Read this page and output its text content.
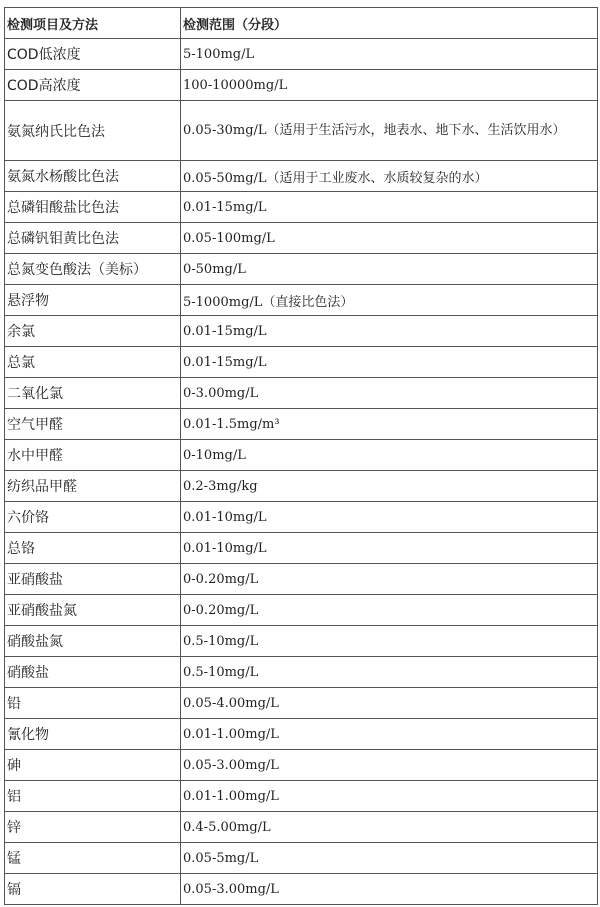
检测项目及方法	检测范围（分段）
COD低浓度	5-100mg/L
COD高浓度	100-10000mg/L
氨氮纳氏比色法	0.05-30mg/L（适用于生活污水，地表水、地下水、生活饮用水）
氨氮水杨酸比色法	0.05-50mg/L（适用于工业废水、水质较复杂的水）
总磷钼酸盐比色法	0.01-15mg/L
总磷钒钼黄比色法	0.05-100mg/L
总氮变色酸法（美标）	0-50mg/L
悬浮物	5-1000mg/L（直接比色法）
余氯	0.01-15mg/L
总氯	0.01-15mg/L
二氧化氯	0-3.00mg/L
空气甲醛	0.01-1.5mg/m³
水中甲醛	0-10mg/L
纺织品甲醛	0.2-3mg/kg
六价铬	0.01-10mg/L
总铬	0.01-10mg/L
亚硝酸盐	0-0.20mg/L
亚硝酸盐氮	0-0.20mg/L
硝酸盐氮	0.5-10mg/L
硝酸盐	0.5-10mg/L
铅	0.05-4.00mg/L
氰化物	0.01-1.00mg/L
砷	0.05-3.00mg/L
铝	0.01-1.00mg/L
锌	0.4-5.00mg/L
锰	0.05-5mg/L
镉	0.05-3.00mg/L
